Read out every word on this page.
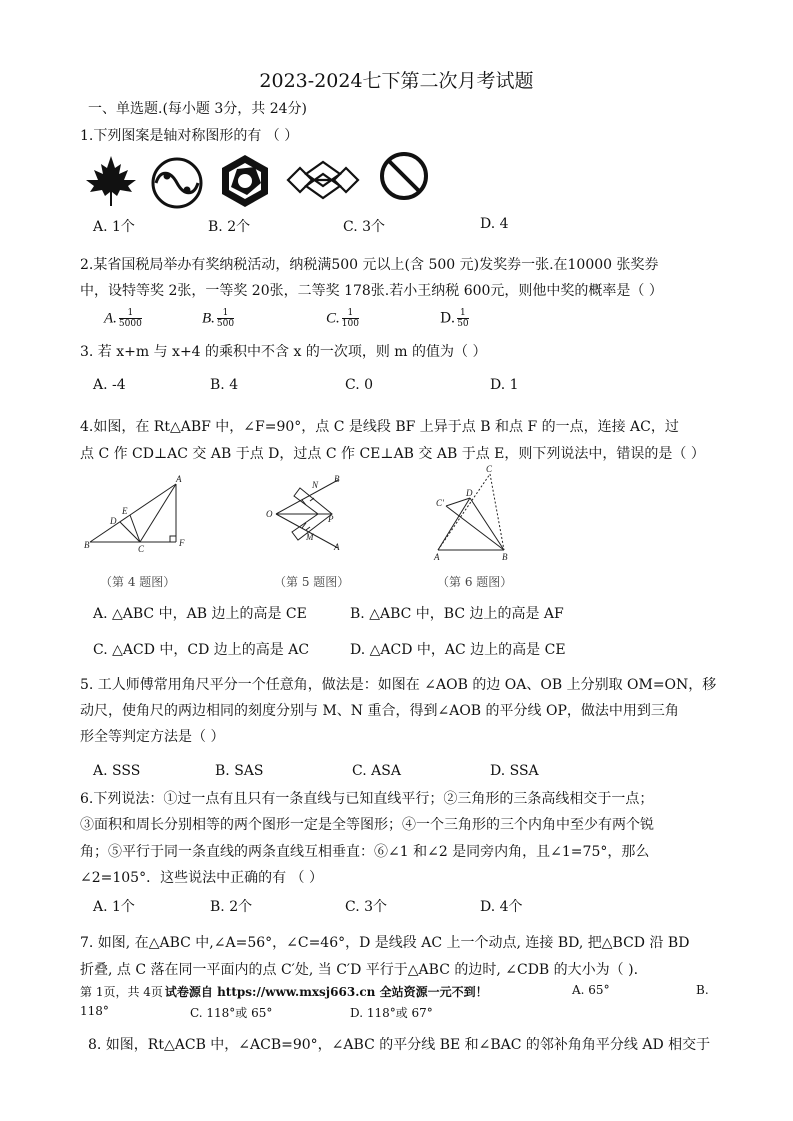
2023-2024七下第二次月考试题
一、单选题.(每小题 3分，共 24分)
1.下列图案是轴对称图形的有 （ ）
A. 1个	B. 2个	C. 3个	D. 4
2.某省国税局举办有奖纳税活动，纳税满500 元以上(含 500 元)发奖券一张.在10000 张奖券
中，设特等奖 2张，一等奖 20张，二等奖 178张.若小王纳税 600元，则他中奖的概率是（ ）
A. $\frac{1}{5000}$	B. $\frac{1}{500}$	C. $\frac{1}{100}$	D. $\frac{1}{50}$
3. 若 x+m 与 x+4 的乘积中不含 x 的一次项，则 m 的值为（ ）
A. -4	B. 4	C. 0	D. 1
4.如图，在 Rt△ABF 中，∠F=90°，点 C 是线段 BF 上异于点 B 和点 F 的一点，连接 AC，过
点 C 作 CD⊥AC 交 AB 于点 D，过点 C 作 CE⊥AB 交 AB 于点 E，则下列说法中，错误的是（ ）
A
B	C
D
E
F
O
N
B
P
M
A
C
C′
D
A	B
（第 4 题图）	（第 5 题图）	（第 6 题图）
A. △ABC 中，AB 边上的高是 CE	B. △ABC 中，BC 边上的高是 AF
C. △ACD 中，CD 边上的高是 AC	D. △ACD 中，AC 边上的高是 CE
5. 工人师傅常用角尺平分一个任意角，做法是：如图在 ∠AOB 的边 OA、OB 上分别取 OM=ON，移
动尺，使角尺的两边相同的刻度分别与 M、N 重合，得到∠AOB 的平分线 OP，做法中用到三角
形全等判定方法是（ ）
A. SSS	B. SAS	C. ASA	D. SSA
6.下列说法：①过一点有且只有一条直线与已知直线平行；②三角形的三条高线相交于一点；
③面积和周长分别相等的两个图形一定是全等图形；④一个三角形的三个内角中至少有两个锐
角；⑤平行于同一条直线的两条直线互相垂直：⑥∠1 和∠2 是同旁内角，且∠1=75°，那么
∠2=105°．这些说法中正确的有 （ ）
A. 1个	B. 2个	C. 3个	D. 4个
7. 如图, 在△ABC 中,∠A=56°，∠C=46°，D 是线段 AC 上一个动点, 连接 BD, 把△BCD 沿 BD
折叠, 点 C 落在同一平面内的点 C′处, 当 C′D 平行于△ABC 的边时, ∠CDB 的大小为（ ).
第 1页，共 4页 试卷源自 https://www.mxsj663.cn 全站资源一元不到！	A. 65°	B.
118°	C. 118°或 65°	D. 118°或 67°
8. 如图，Rt△ACB 中，∠ACB=90°，∠ABC 的平分线 BE 和∠BAC 的邻补角角平分线 AD 相交于
